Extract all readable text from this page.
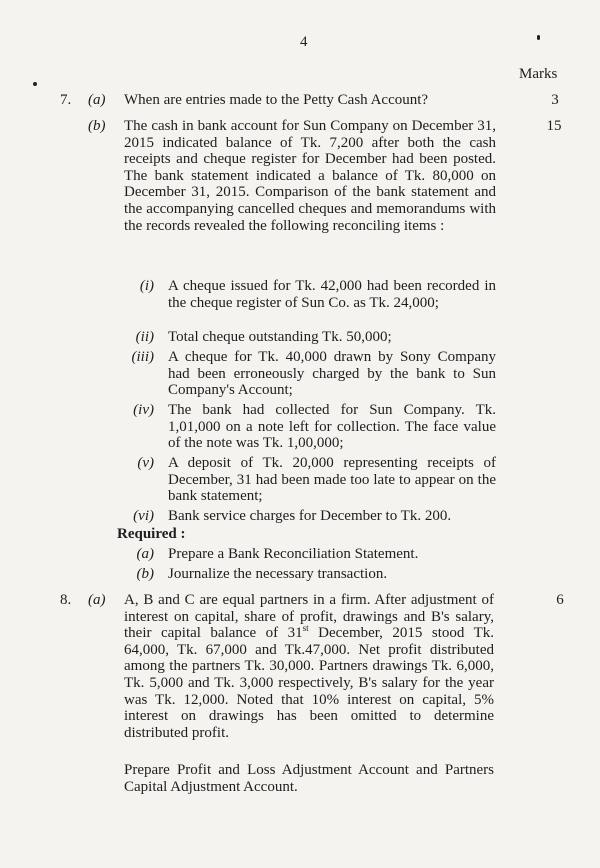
4
Marks
7. (a) When are entries made to the Petty Cash Account?	3
(b)	15
The cash in bank account for Sun Company on December 31, 2015 indicated balance of Tk. 7,200 after both the cash receipts and cheque register for December had been posted. The bank statement indicated a balance of Tk. 80,000 on December 31, 2015. Comparison of the bank statement and the accompanying cancelled cheques and memorandums with the records revealed the following reconciling items :
(i) A cheque issued for Tk. 42,000 had been recorded in the cheque register of Sun Co. as Tk. 24,000;
(ii) Total cheque outstanding Tk. 50,000;
(iii) A cheque for Tk. 40,000 drawn by Sony Company had been erroneously charged by the bank to Sun Company's Account;
(iv) The bank had collected for Sun Company. Tk. 1,01,000 on a note left for collection. The face value of the note was Tk. 1,00,000;
(v) A deposit of Tk. 20,000 representing receipts of December, 31 had been made too late to appear on the bank statement;
(vi) Bank service charges for December to Tk. 200.
Required :
(a) Prepare a Bank Reconciliation Statement.
(b) Journalize the necessary transaction.
8. (a)	6
A, B and C are equal partners in a firm. After adjustment of interest on capital, share of profit, drawings and B's salary, their capital balance of 31st December, 2015 stood Tk. 64,000, Tk. 67,000 and Tk.47,000. Net profit distributed among the partners Tk. 30,000. Partners drawings Tk. 6,000, Tk. 5,000 and Tk. 3,000 respectively, B's salary for the year was Tk. 12,000. Noted that 10% interest on capital, 5% interest on drawings has been omitted to determine distributed profit.
Prepare Profit and Loss Adjustment Account and Partners Capital Adjustment Account.
